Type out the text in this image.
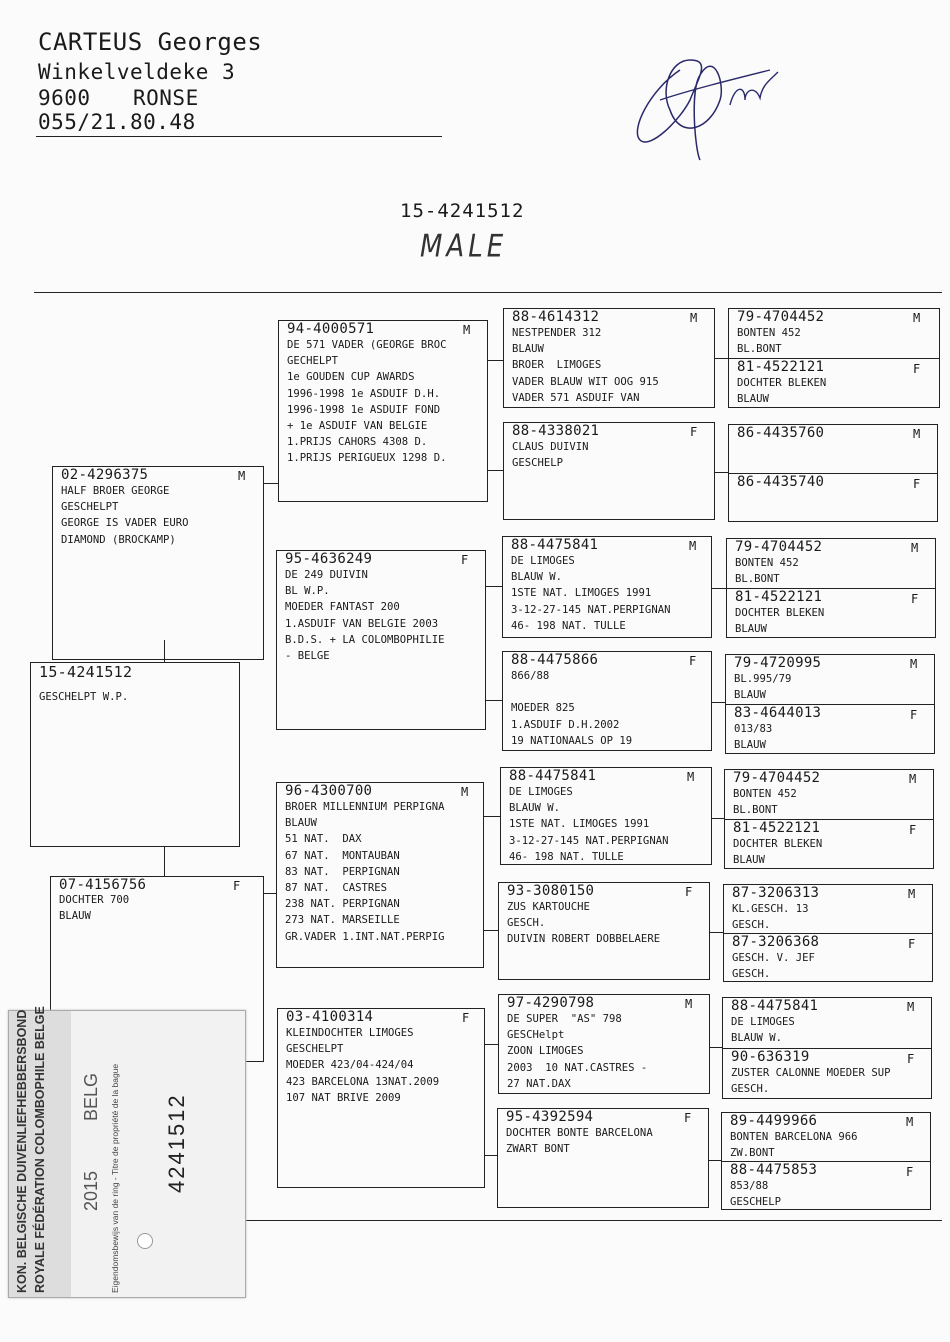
CARTEUS Georges
Winkelveldeke 3
9600 RONSE
055/21.80.48
15-4241512
MALE
15-4241512
GESCHELPT W.P.
02-4296375	M
HALF BROER GEORGE
GESCHELPT
GEORGE IS VADER EURO
DIAMOND (BROCKAMP)
07-4156756	F
DOCHTER 700
BLAUW
94-4000571	M
DE 571 VADER (GEORGE BROC
GECHELPT
1e GOUDEN CUP AWARDS
1996-1998 1e ASDUIF D.H.
1996-1998 1e ASDUIF FOND
+ 1e ASDUIF VAN BELGIE
1.PRIJS CAHORS 4308 D.
1.PRIJS PERIGUEUX 1298 D.
95-4636249	F
DE 249 DUIVIN
BL W.P.
MOEDER FANTAST 200
1.ASDUIF VAN BELGIE 2003
B.D.S. + LA COLOMBOPHILIE
- BELGE
96-4300700	M
BROER MILLENNIUM PERPIGNA
BLAUW
51 NAT.  DAX
67 NAT.  MONTAUBAN
83 NAT.  PERPIGNAN
87 NAT.  CASTRES
238 NAT. PERPIGNAN
273 NAT. MARSEILLE
GR.VADER 1.INT.NAT.PERPIG
03-4100314	F
KLEINDOCHTER LIMOGES
GESCHELPT
MOEDER 423/04-424/04
423 BARCELONA 13NAT.2009
107 NAT BRIVE 2009
88-4614312	M
NESTPENDER 312
BLAUW
BROER  LIMOGES
VADER BLAUW WIT OOG 915
VADER 571 ASDUIF VAN
88-4338021	F
CLAUS DUIVIN
GESCHELP
88-4475841	M
DE LIMOGES
BLAUW W.
1STE NAT. LIMOGES 1991
3-12-27-145 NAT.PERPIGNAN
46- 198 NAT. TULLE
88-4475866	F
866/88
MOEDER 825
1.ASDUIF D.H.2002
19 NATIONAALS OP 19
88-4475841	M
DE LIMOGES
BLAUW W.
1STE NAT. LIMOGES 1991
3-12-27-145 NAT.PERPIGNAN
46- 198 NAT. TULLE
93-3080150	F
ZUS KARTOUCHE
GESCH.
DUIVIN ROBERT DOBBELAERE
97-4290798	M
DE SUPER  "AS" 798
GESCHelpt
ZOON LIMOGES
2003  10 NAT.CASTRES -
27 NAT.DAX
95-4392594	F
DOCHTER BONTE BARCELONA
ZWART BONT
79-4704452	M
BONTEN 452
BL.BONT
81-4522121	F
DOCHTER BLEKEN
BLAUW
86-4435760	M
86-4435740	F
79-4704452	M
BONTEN 452
BL.BONT
81-4522121	F
DOCHTER BLEKEN
BLAUW
79-4720995	M
BL.995/79
BLAUW
83-4644013	F
013/83
BLAUW
79-4704452	M
BONTEN 452
BL.BONT
81-4522121	F
DOCHTER BLEKEN
BLAUW
87-3206313	M
KL.GESCH. 13
GESCH.
87-3206368	F
GESCH. V. JEF
GESCH.
88-4475841	M
DE LIMOGES
BLAUW W.
90-636319	F
ZUSTER CALONNE MOEDER SUP
GESCH.
89-4499966	M
BONTEN BARCELONA 966
ZW.BONT
88-4475853	F
853/88
GESCHELP
KON. BELGISCHE DUIVENLIEFHEBBERSBOND ROYALE FÉDÉRATION COLOMBOPHILE BELGE 2015
BELG Eigendomsbewijs van de ring - Titre de propriété de la bague 4241512
